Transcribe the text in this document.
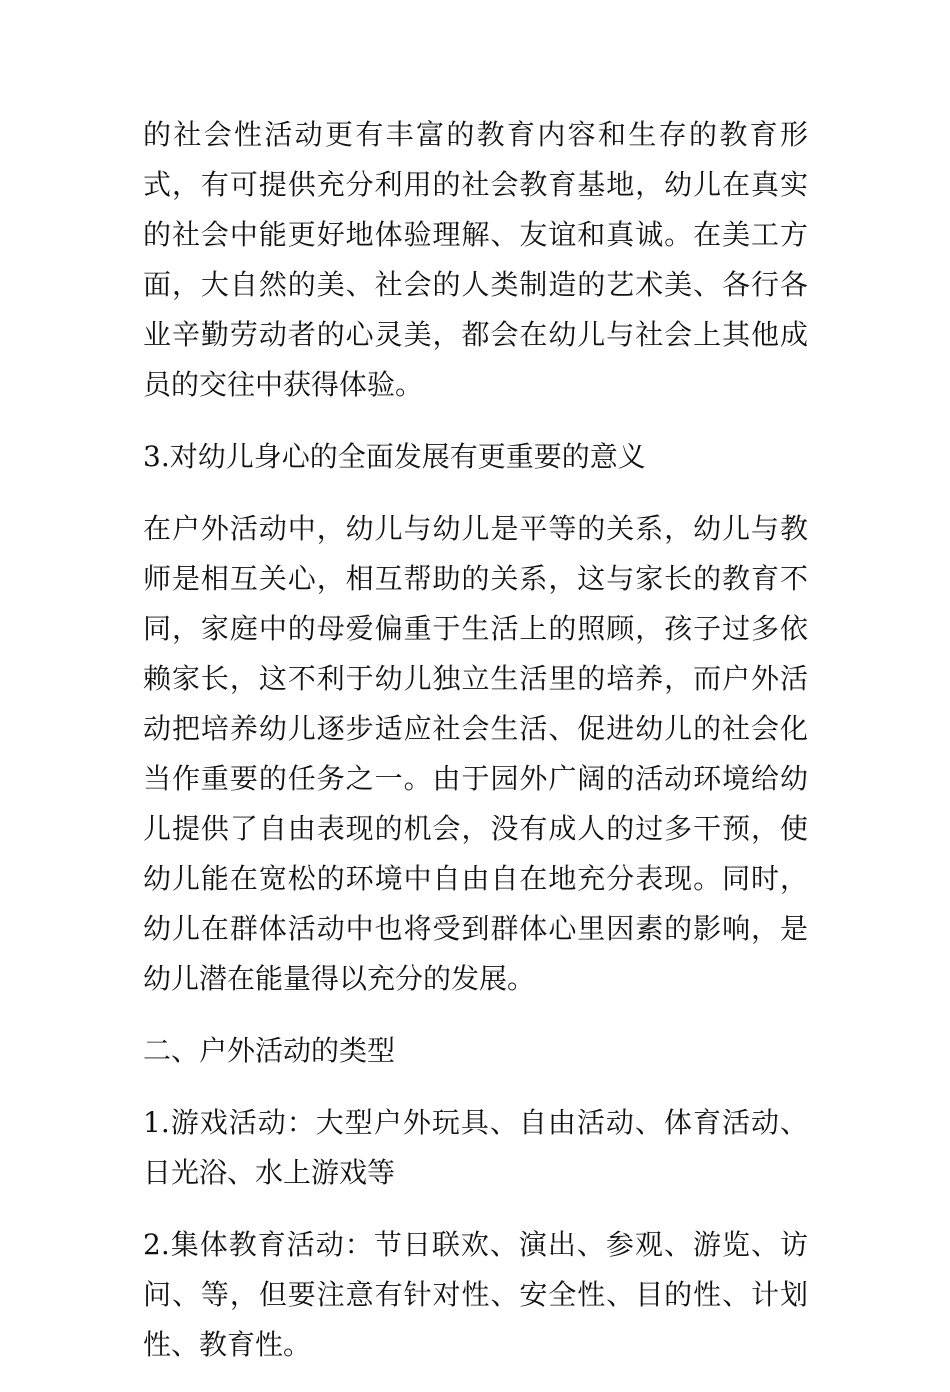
的社会性活动更有丰富的教育内容和生存的教育形式，有可提供充分利用的社会教育基地，幼儿在真实的社会中能更好地体验理解、友谊和真诚。在美工方面，大自然的美、社会的人类制造的艺术美、各行各业辛勤劳动者的心灵美，都会在幼儿与社会上其他成员的交往中获得体验。

3.对幼儿身心的全面发展有更重要的意义

在户外活动中，幼儿与幼儿是平等的关系，幼儿与教师是相互关心，相互帮助的关系，这与家长的教育不同，家庭中的母爱偏重于生活上的照顾，孩子过多依赖家长，这不利于幼儿独立生活里的培养，而户外活动把培养幼儿逐步适应社会生活、促进幼儿的社会化当作重要的任务之一。由于园外广阔的活动环境给幼儿提供了自由表现的机会，没有成人的过多干预，使幼儿能在宽松的环境中自由自在地充分表现。同时，幼儿在群体活动中也将受到群体心里因素的影响，是幼儿潜在能量得以充分的发展。

二、户外活动的类型

1.游戏活动：大型户外玩具、自由活动、体育活动、日光浴、水上游戏等

2.集体教育活动：节日联欢、演出、参观、游览、访问、等，但要注意有针对性、安全性、目的性、计划性、教育性。
